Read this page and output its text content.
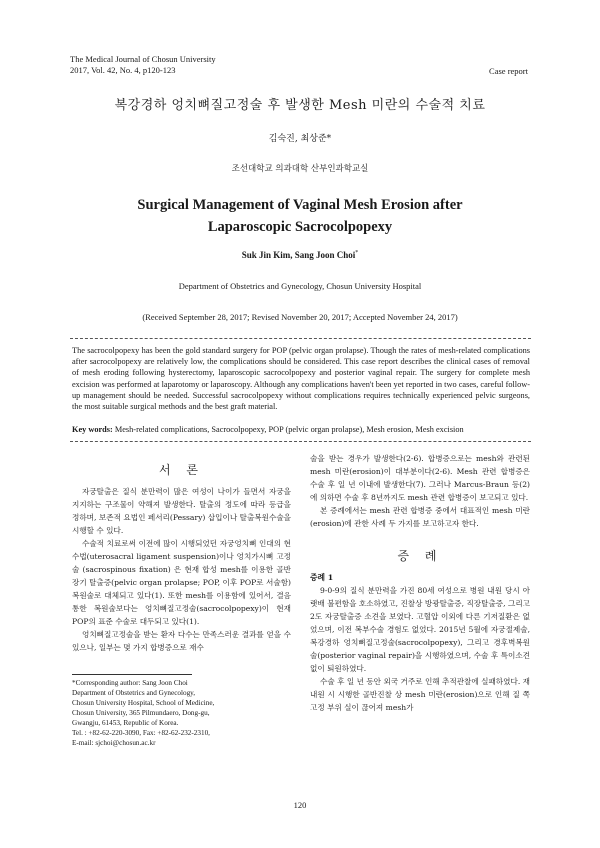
The Medical Journal of Chosun University
2017, Vol. 42, No. 4, p120-123	Case report
복강경하 엉치뼈질고정술 후 발생한 Mesh 미란의 수술적 치료
김숙진, 최상준*
조선대학교 의과대학 산부인과학교실
Surgical Management of Vaginal Mesh Erosion after
Laparoscopic Sacrocolpopexy
Suk Jin Kim, Sang Joon Choi*
Department of Obstetrics and Gynecology, Chosun University Hospital
(Received September 28, 2017; Revised November 20, 2017; Accepted November 24, 2017)
The sacrocolpopexy has been the gold standard surgery for POP (pelvic organ prolapse). Though the rates of mesh-related complications after sacrocolpopexy are relatively low, the complications should be considered. This case report describes the clinical cases of removal of mesh eroding following hysterectomy, laparoscopic sacrocolpopexy and posterior vaginal repair. The surgery for complete mesh excision was performed at laparotomy or laparoscopy. Although any complications haven't been yet reported in two cases, careful follow-up management should be needed. Successful sacrocolpopexy without complications requires technically experienced pelvic surgeons, the most suitable surgical methods and the best graft material.
Key words: Mesh-related complications, Sacrocolpopexy, POP (pelvic organ prolapse), Mesh erosion, Mesh excision
서 론

자궁탈출은 질식 분만력이 많은 여성이 나이가 들면서 자궁을 지지하는 구조물이 약해져 발생한다. 탈출의 정도에 따라 등급을 정하며, 보존적 요법인 페서리(Pessary) 삽입이나 탈출복원수술을 시행할 수 있다.

수술적 치료로써 이전에 많이 시행되었던 자궁엉치뼈 인대의 현수법(uterosacral ligament suspension)이나 엉치가시뼈 고정술 (sacrospinous fixation) 은 현재 합성 mesh를 이용한 골반장기 탈출증(pelvic organ prolapse; POP, 이후 POP로 서술함) 복원술로 대체되고 있다(1). 또한 mesh를 이용함에 있어서, 결음 통한 복원술보다는 엉치뼈질고정술(sacrocolpopexy)이 현재 POP의 표준 수술로 대두되고 있다(1).

엉치뼈질고정술을 받는 환자 다수는 만족스러운 결과를 얻을 수 있으나, 일부는 몇 가지 합병증으로 재수

술을 받는 경우가 발생한다(2-6). 합병증으로는 mesh와 관련된 mesh 미란(erosion)이 대부분이다(2-6). Mesh 관련 합병증은 수술 후 일 년 이내에 발생한다(7). 그러나 Marcus-Braun 등(2)에 의하면 수술 후 8년까지도 mesh 관련 합병증이 보고되고 있다.

본 증례에서는 mesh 관련 합병증 중에서 대표적인 mesh 미란(erosion)에 관한 사례 두 가지를 보고하고자 한다.

증 례

증례 1

9-0-9의 질식 분만력을 가진 80세 여성으로 병원 내원 당시 아랫배 불편함을 호소하였고, 진찰상 방광탈출증, 직장탈출증, 그리고 2도 자궁탈출증 소견을 보였다. 고혈압 이외에 다른 기저질환은 없었으며, 이전 복부수술 경험도 없었다. 2015년 5월에 자궁절제술, 복강경하 엉치뼈질고정술(sacrocolpopexy), 그리고 경후벽복원술(posterior vaginal repair)을 시행하였으며, 수술 후 특이소견 없이 퇴원하였다.

수술 후 일 년 동안 외국 거주로 인해 추적관찰에 실패하였다. 재 내원 시 시행한 골반진찰 상 mesh 미란(erosion)으로 인해 질 쪽 고정 부위 실이 끊어져 mesh가

*Corresponding author: Sang Joon Choi
Department of Obstetrics and Gynecology,
Chosun University Hospital, School of Medicine,
Chosun University, 365 Pilmundaero, Dong-gu,
Gwangju, 61453, Republic of Korea.
Tel. : +82-62-220-3090, Fax: +82-62-232-2310,
E-mail: sjchoi@chosun.ac.kr
120
